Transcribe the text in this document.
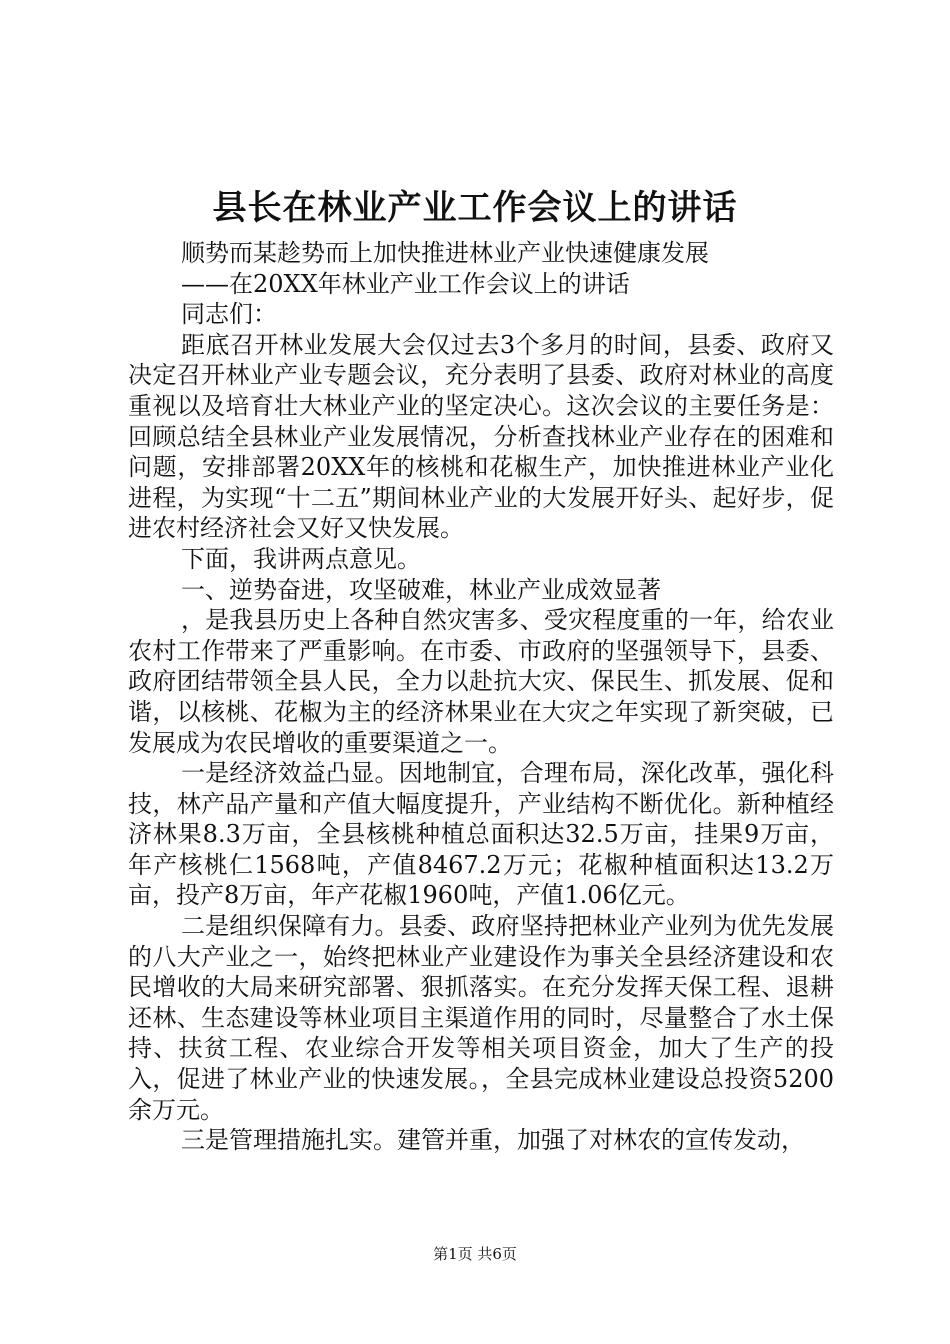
县长在林业产业工作会议上的讲话

顺势而某趁势而上加快推进林业产业快速健康发展

——在20XX年林业产业工作会议上的讲话

同志们：

距底召开林业发展大会仅过去3个多月的时间，县委、政府又决定召开林业产业专题会议，充分表明了县委、政府对林业的高度重视以及培育壮大林业产业的坚定决心。这次会议的主要任务是：回顾总结全县林业产业发展情况，分析查找林业产业存在的困难和问题，安排部署20XX年的核桃和花椒生产，加快推进林业产业化进程，为实现“十二五”期间林业产业的大发展开好头、起好步，促进农村经济社会又好又快发展。

下面，我讲两点意见。

一、逆势奋进，攻坚破难，林业产业成效显著

，是我县历史上各种自然灾害多、受灾程度重的一年，给农业农村工作带来了严重影响。在市委、市政府的坚强领导下，县委、政府团结带领全县人民，全力以赴抗大灾、保民生、抓发展、促和谐，以核桃、花椒为主的经济林果业在大灾之年实现了新突破，已发展成为农民增收的重要渠道之一。

一是经济效益凸显。因地制宜，合理布局，深化改革，强化科技，林产品产量和产值大幅度提升，产业结构不断优化。新种植经济林果8.3万亩，全县核桃种植总面积达32.5万亩，挂果9万亩，年产核桃仁1568吨，产值8467.2万元；花椒种植面积达13.2万亩，投产8万亩，年产花椒1960吨，产值1.06亿元。

二是组织保障有力。县委、政府坚持把林业产业列为优先发展的八大产业之一，始终把林业产业建设作为事关全县经济建设和农民增收的大局来研究部署、狠抓落实。在充分发挥天保工程、退耕还林、生态建设等林业项目主渠道作用的同时，尽量整合了水土保持、扶贫工程、农业综合开发等相关项目资金，加大了生产的投入，促进了林业产业的快速发展。，全县完成林业建设总投资5200余万元。

三是管理措施扎实。建管并重，加强了对林农的宣传发动，

第1页 共6页
